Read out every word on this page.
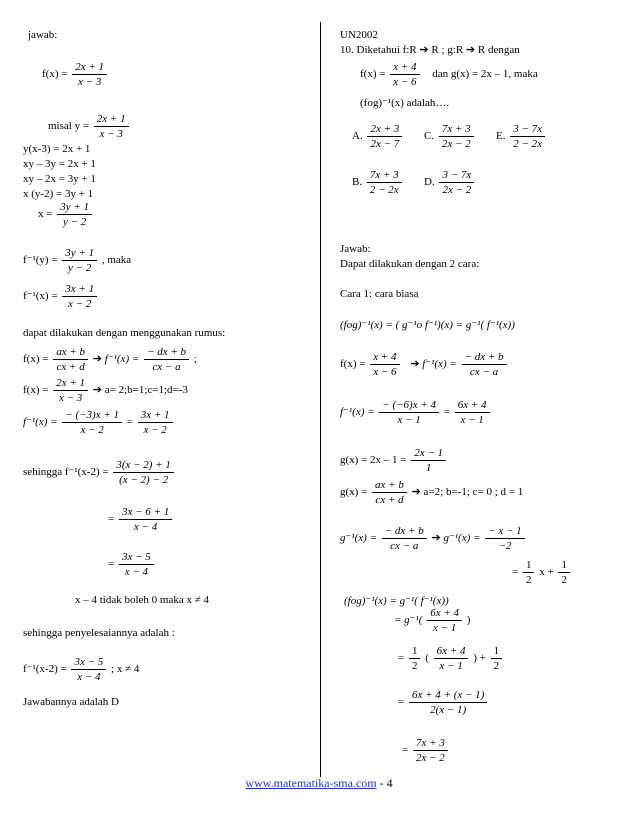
jawab:
$f(x) = \frac{2x + 1}{x - 3}$
misal $y = \frac{2x + 1}{x - 3}$
y(x-3) = 2x + 1
xy – 3y = 2x + 1
xy – 2x = 3y + 1
x (y-2) = 3y + 1
$x = \frac{3y + 1}{y - 2}$
$f^{-1}(y) = \frac{3y + 1}{y - 2}$ , maka
$f^{-1}(x) = \frac{3x + 1}{x - 2}$
dapat dilakukan dengan menggunakan rumus:
$f(x) = \frac{ax + b}{cx + d}$ ➔ $f^{-1}(x) = \frac{- dx + b}{cx - a}$ ;
$f(x) = \frac{2x + 1}{x - 3}$ ➔ a= 2;b=1;c=1;d=-3
$f^{-1}(x) = \frac{- (-3)x + 1}{x - 2} = \frac{3x + 1}{x - 2}$
sehingga $f^{-1}(x-2) = \frac{3(x - 2) + 1}{(x - 2) - 2}$
= $\frac{3x - 6 + 1}{x - 4}$
= $\frac{3x - 5}{x - 4}$
x – 4 tidak boleh 0 maka x ≠ 4
sehingga penyelesaiannya adalah :
$f^{-1}(x-2) = \frac{3x - 5}{x - 4}$ ; x ≠ 4
Jawabannya adalah D
UN2002
10. Diketahui f:R ➔ R ; g:R ➔ R dengan
$f(x) = \frac{x + 4}{x - 6}$ dan g(x) = 2x – 1, maka
(fog)⁻¹(x) adalah….
A. $\frac{2x + 3}{2x - 7} C$. $\frac{7x + 3}{2x - 2} E$. $\frac{3 - 7x}{2 - 2x}$
B. $\frac{7x + 3}{2 - 2x} D$. $\frac{3 - 7x}{2x - 2}$
Jawab:
Dapat dilakukan dengan 2 cara:
Cara 1: cara biasa
(fog)⁻¹(x) = ( g⁻¹o f⁻¹)(x) = g⁻¹( f⁻¹(x))
$f(x) = \frac{x + 4}{x - 6}$ ➔ $f^{-1}(x) = \frac{- dx + b}{cx - a}$
$f^{-1}(x) = \frac{- (-6)x + 4}{x - 1} = \frac{6x + 4}{x - 1}$
$g(x) = 2x - 1 = \frac{2x - 1}{1}$
$g(x) = \frac{ax + b}{cx + d}$ ➔ a=2; b=-1; c= 0 ; d = 1
$g^{-1}(x) = \frac{- dx + b}{cx - a}$ ➔ $g^{-1}(x) = \frac{- x - 1}{-2}$
= $\frac{1}{2}$ $x + \frac{1}{2}$
(fog)⁻¹(x) = g⁻¹( f⁻¹(x))
= $g^{-1}( \frac{6x + 4}{x - 1}$ )
= $\frac{1}{2}$ ( $\frac{6x + 4}{x - 1}$ ) + $\frac{1}{2}$
= $\frac{6x + 4 + (x - 1)}{2(x - 1)}$
= $\frac{7x + 3}{2x - 2}$
www.matematika-sma.com - 4
